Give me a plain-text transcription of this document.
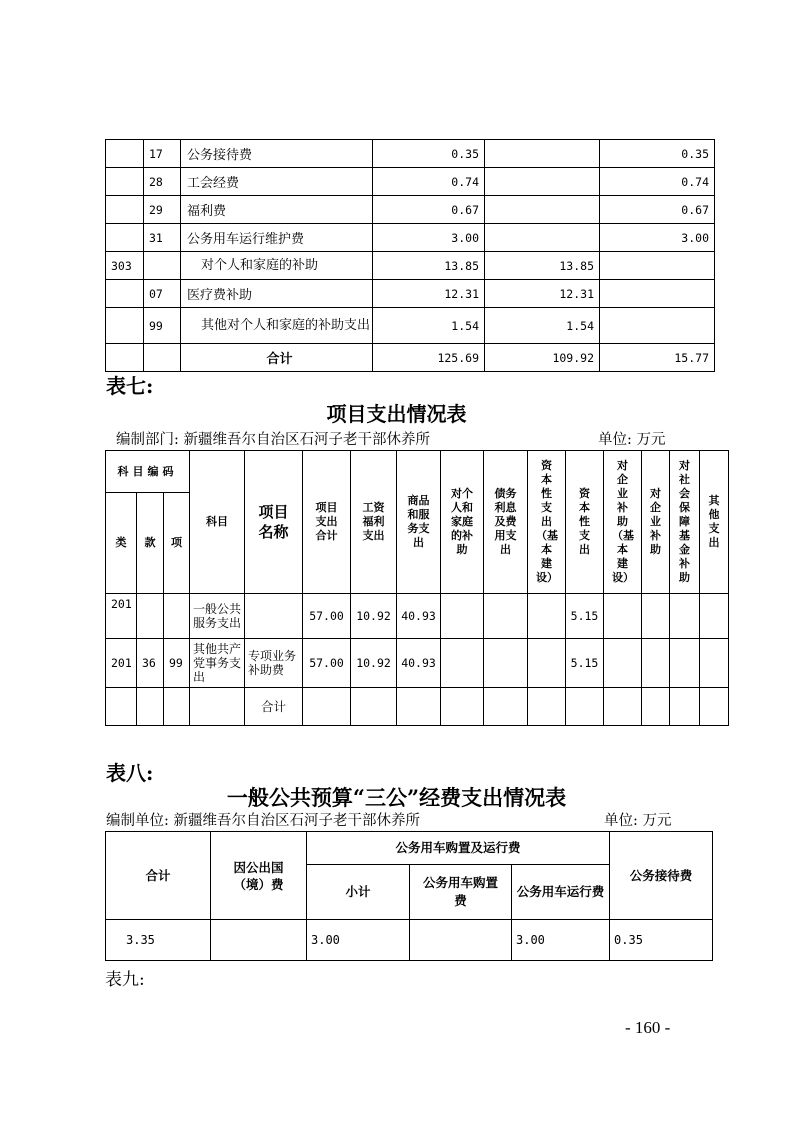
	17	公务接待费	0.35		0.35
	28	工会经费	0.74		0.74
	29	福利费	0.67		0.67
	31	公务用车运行维护费	3.00		3.00
303		对个人和家庭的补助	13.85	13.85	
	07	医疗费补助	12.31	12.31	
	99	其他对个人和家庭的补助支出	1.54	1.54	
		合计	125.69	109.92	15.77
表七:
项目支出情况表
编制部门: 新疆维吾尔自治区石河子老干部休养所	单位: 万元
科目编码			科目	项目名称	项目支出合计	工资福利支出	商品和服务支出	对个人和家庭的补助	债务利息及费用支出	资本性支出（基本建设）	资本性支出	对企业补助（基本建设）	对企业补助	对社会保障基金补助	其他支出
类	款	项													
201			一般公共服务支出		57.00	10.92	40.93				5.15				
201	36	99	其他共产党事务支出	专项业务补助费	57.00	10.92	40.93				5.15				
				合计											
表八:
一般公共预算“三公”经费支出情况表
编制单位: 新疆维吾尔自治区石河子老干部休养所	单位: 万元
合计	因公出国（境）费	公务用车购置及运行费			公务接待费
		小计	公务用车购置费	公务用车运行费	
3.35		3.00		3.00	0.35
表九:
- 160 -
